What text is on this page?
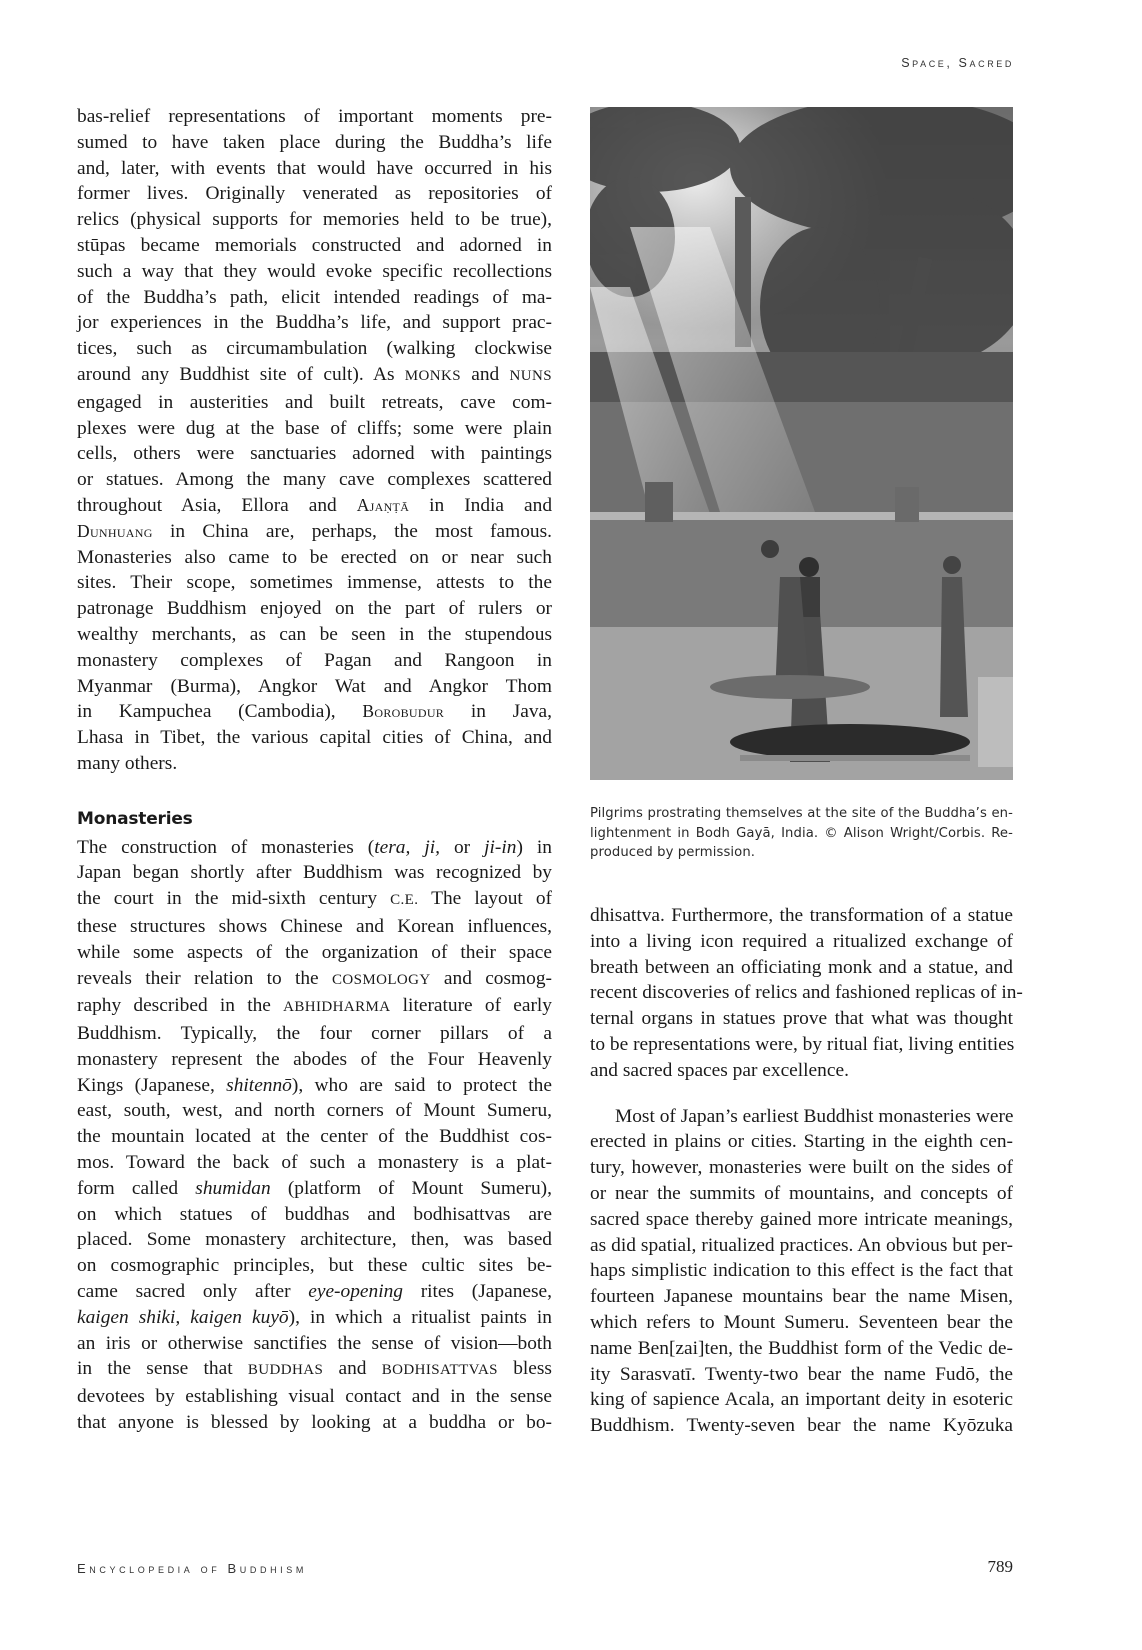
Space, Sacred

bas-relief representations of important moments pre-
sumed to have taken place during the Buddha’s life
and, later, with events that would have occurred in his
former lives. Originally venerated as repositories of
relics (physical supports for memories held to be true),
stūpas became memorials constructed and adorned in
such a way that they would evoke specific recollections
of the Buddha’s path, elicit intended readings of ma-
jor experiences in the Buddha’s life, and support prac-
tices, such as circumambulation (walking clockwise
around any Buddhist site of cult). As MONKS and NUNS
engaged in austerities and built retreats, cave com-
plexes were dug at the base of cliffs; some were plain
cells, others were sanctuaries adorned with paintings
or statues. Among the many cave complexes scattered
throughout Asia, Ellora and Ajaṇṭā in India and
Dunhuang in China are, perhaps, the most famous.
Monasteries also came to be erected on or near such
sites. Their scope, sometimes immense, attests to the
patronage Buddhism enjoyed on the part of rulers or
wealthy merchants, as can be seen in the stupendous
monastery complexes of Pagan and Rangoon in
Myanmar (Burma), Angkor Wat and Angkor Thom
in Kampuchea (Cambodia), Borobudur in Java,
Lhasa in Tibet, the various capital cities of China, and
many others.

Monasteries

The construction of monasteries (tera, ji, or ji-in) in
Japan began shortly after Buddhism was recognized by
the court in the mid-sixth century C.E. The layout of
these structures shows Chinese and Korean influences,
while some aspects of the organization of their space
reveals their relation to the COSMOLOGY and cosmog-
raphy described in the ABHIDHARMA literature of early
Buddhism. Typically, the four corner pillars of a
monastery represent the abodes of the Four Heavenly
Kings (Japanese, shitennō), who are said to protect the
east, south, west, and north corners of Mount Sumeru,
the mountain located at the center of the Buddhist cos-
mos. Toward the back of such a monastery is a plat-
form called shumidan (platform of Mount Sumeru),
on which statues of buddhas and bodhisattvas are
placed. Some monastery architecture, then, was based
on cosmographic principles, but these cultic sites be-
came sacred only after eye-opening rites (Japanese,
kaigen shiki, kaigen kuyō), in which a ritualist paints in
an iris or otherwise sanctifies the sense of vision—both
in the sense that BUDDHAS and BODHISATTVAS bless
devotees by establishing visual contact and in the sense
that anyone is blessed by looking at a buddha or bo-

Pilgrims prostrating themselves at the site of the Buddha’s en-
lightenment in Bodh Gayā, India. © Alison Wright/Corbis. Re-
produced by permission.

dhisattva. Furthermore, the transformation of a statue
into a living icon required a ritualized exchange of
breath between an officiating monk and a statue, and
recent discoveries of relics and fashioned replicas of in-
ternal organs in statues prove that what was thought
to be representations were, by ritual fiat, living entities
and sacred spaces par excellence.

Most of Japan’s earliest Buddhist monasteries were
erected in plains or cities. Starting in the eighth cen-
tury, however, monasteries were built on the sides of
or near the summits of mountains, and concepts of
sacred space thereby gained more intricate meanings,
as did spatial, ritualized practices. An obvious but per-
haps simplistic indication to this effect is the fact that
fourteen Japanese mountains bear the name Misen,
which refers to Mount Sumeru. Seventeen bear the
name Ben[zai]ten, the Buddhist form of the Vedic de-
ity Sarasvatī. Twenty-two bear the name Fudō, the
king of sapience Acala, an important deity in esoteric
Buddhism. Twenty-seven bear the name Kyōzuka

Encyclopedia of Buddhism	789
